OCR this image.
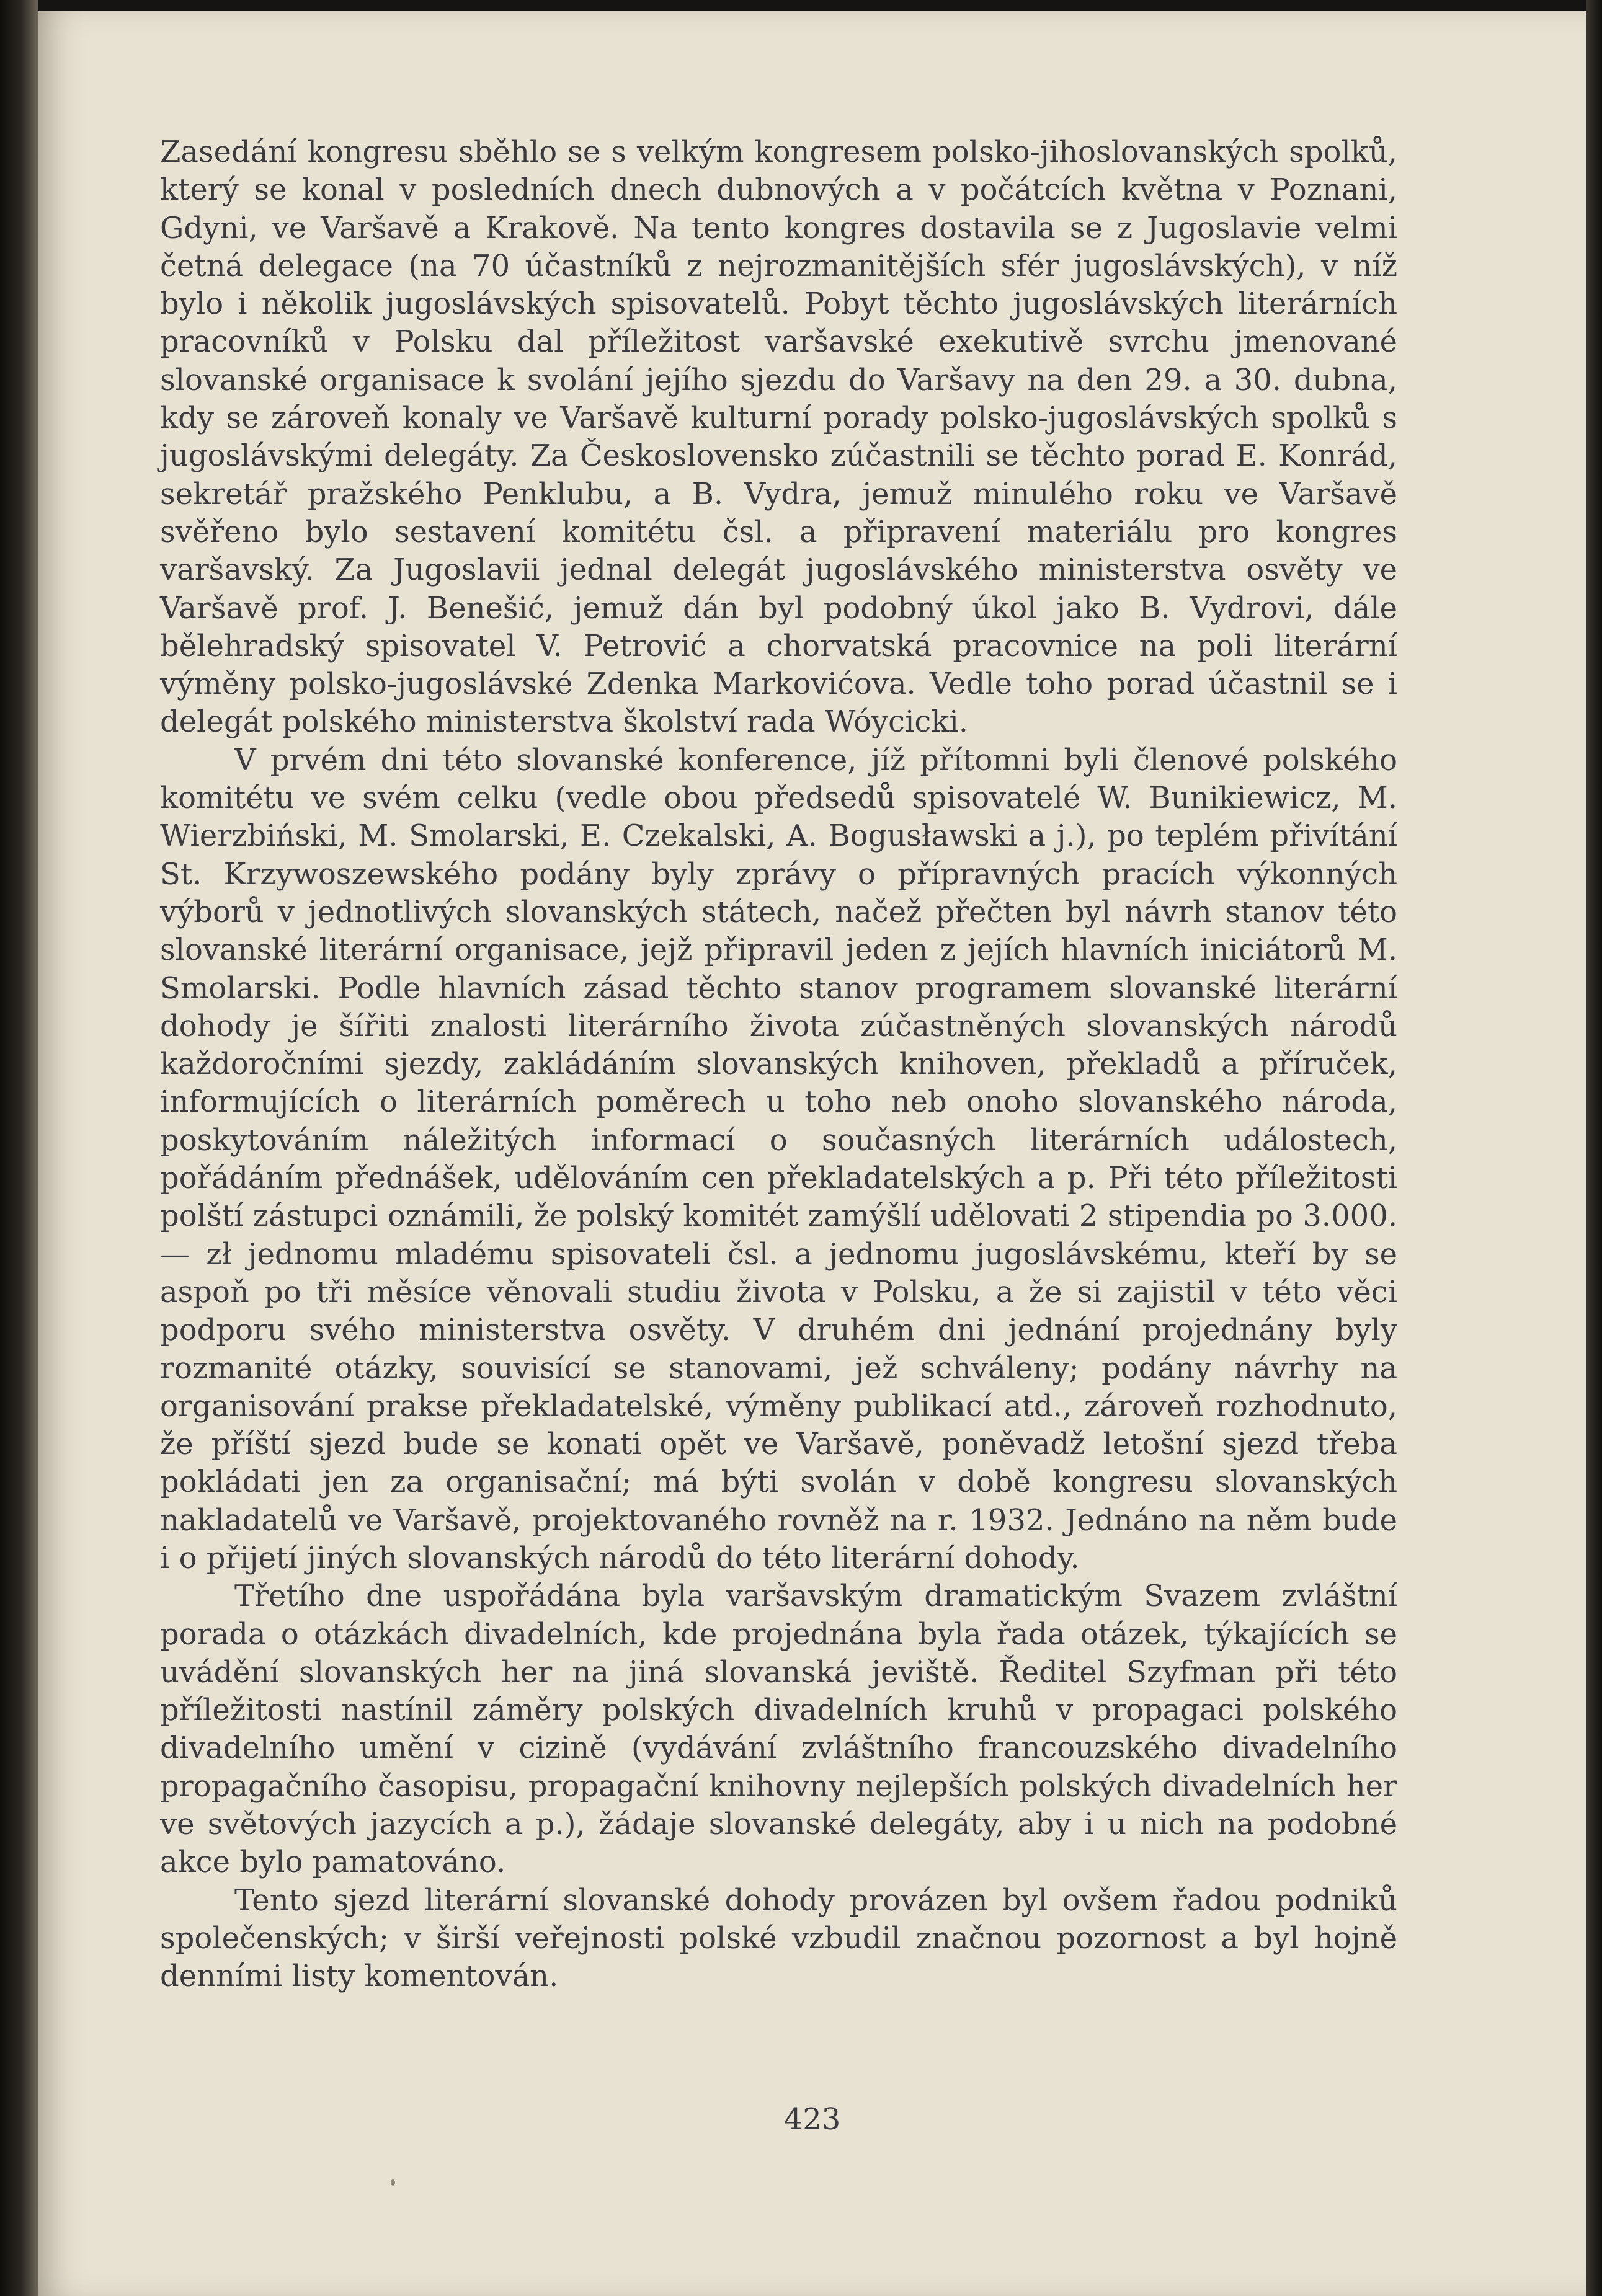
Zasedání kongresu sběhlo se s velkým kongresem polsko-jihoslovanských spolků, který se konal v posledních dnech dubnových a v počátcích května v Poznani, Gdyni, ve Varšavě a Krakově. Na tento kongres dostavila se z Jugoslavie velmi četná delegace (na 70 účastníků z nejrozmanitějších sfér jugoslávských), v níž bylo i několik jugoslávských spisovatelů. Pobyt těchto jugoslávských literárních pracovníků v Polsku dal příležitost varšavské exekutivě svrchu jmenované slovanské organisace k svolání jejího sjezdu do Varšavy na den 29. a 30. dubna, kdy se zároveň konaly ve Varšavě kulturní porady polsko-jugoslávských spolků s jugoslávskými delegáty. Za Československo zúčastnili se těchto porad E. Konrád, sekretář pražského Penklubu, a B. Vydra, jemuž minulého roku ve Varšavě svěřeno bylo sestavení komitétu čsl. a připravení materiálu pro kongres varšavský. Za Jugoslavii jednal delegát jugoslávského ministerstva osvěty ve Varšavě prof. J. Benešić, jemuž dán byl podobný úkol jako B. Vydrovi, dále bělehradský spisovatel V. Petrović a chorvatská pracovnice na poli literární výměny polsko-jugoslávské Zdenka Markovićova. Vedle toho porad účastnil se i delegát polského ministerstva školství rada Wóycicki.

V prvém dni této slovanské konference, jíž přítomni byli členové polského komitétu ve svém celku (vedle obou předsedů spisovatelé W. Bunikiewicz, M. Wierzbiński, M. Smolarski, E. Czekalski, A. Bogusławski a j.), po teplém přivítání St. Krzywoszewského podány byly zprávy o přípravných pracích výkonných výborů v jednotlivých slovanských státech, načež přečten byl návrh stanov této slovanské literární organisace, jejž připravil jeden z jejích hlavních iniciátorů M. Smolarski. Podle hlavních zásad těchto stanov programem slovanské literární dohody je šířiti znalosti literárního života zúčastněných slovanských národů každoročními sjezdy, zakládáním slovanských knihoven, překladů a příruček, informujících o literárních poměrech u toho neb onoho slovanského národa, poskytováním náležitých informací o současných literárních událostech, pořádáním přednášek, udělováním cen překladatelských a p. Při této příležitosti polští zástupci oznámili, že polský komitét zamýšlí udělovati 2 stipendia po 3.000.— zł jednomu mladému spisovateli čsl. a jednomu jugoslávskému, kteří by se aspoň po tři měsíce věnovali studiu života v Polsku, a že si zajistil v této věci podporu svého ministerstva osvěty. V druhém dni jednání projednány byly rozmanité otázky, souvisící se stanovami, jež schváleny; podány návrhy na organisování prakse překladatelské, výměny publikací atd., zároveň rozhodnuto, že příští sjezd bude se konati opět ve Varšavě, poněvadž letošní sjezd třeba pokládati jen za organisační; má býti svolán v době kongresu slovanských nakladatelů ve Varšavě, projektovaného rovněž na r. 1932. Jednáno na něm bude i o přijetí jiných slovanských národů do této literární dohody.

Třetího dne uspořádána byla varšavským dramatickým Svazem zvláštní porada o otázkách divadelních, kde projednána byla řada otázek, týkajících se uvádění slovanských her na jiná slovanská jeviště. Ředitel Szyfman při této příležitosti nastínil záměry polských divadelních kruhů v propagaci polského divadelního umění v cizině (vydávání zvláštního francouzského divadelního propagačního časopisu, propagační knihovny nejlepších polských divadelních her ve světových jazycích a p.), žádaje slovanské delegáty, aby i u nich na podobné akce bylo pamatováno.

Tento sjezd literární slovanské dohody provázen byl ovšem řadou podniků společenských; v širší veřejnosti polské vzbudil značnou pozornost a byl hojně denními listy komentován.

423
